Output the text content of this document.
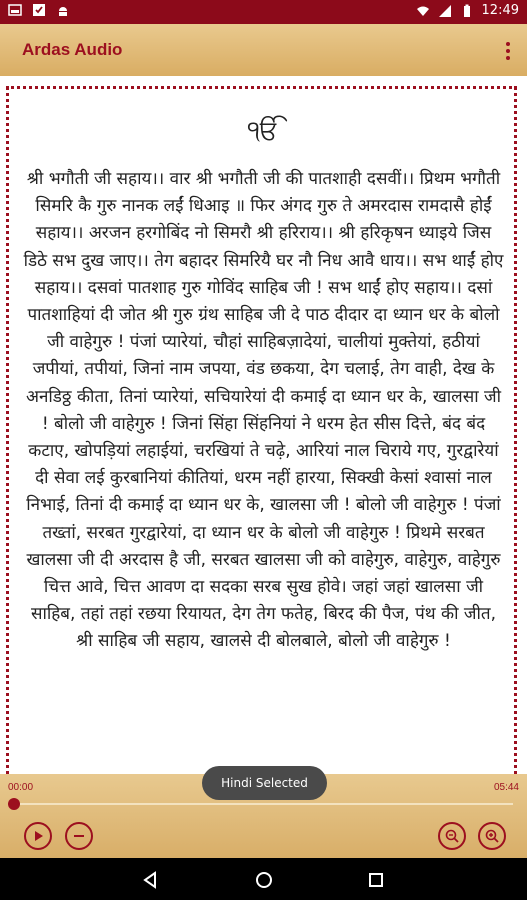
12:49
Ardas Audio
ੴ

श्री भगौती जी सहाय।। वार श्री भगौती जी की पातशाही दसवीं।। प्रिथम भगौती सिमरि कै गुरु नानक लईं धिआइ ॥ फिर अंगद गुरु ते अमरदास रामदासै होईं सहाय।। अरजन हरगोबिंद नो सिमरौ श्री हरिराय।। श्री हरिकृषन ध्याइये जिस डिठे सभ दुख जाए।। तेग बहादर सिमरियै घर नौ निध आवै धाय।। सभ थाईं होए सहाय।। दसवां पातशाह गुरु गोविंद साहिब जी ! सभ थाईं होए सहाय।। दसां पातशाहियां दी जोत श्री गुरु ग्रंथ साहिब जी दे पाठ दीदार दा ध्यान धर के बोलो जी वाहेगुरु ! पंजां प्यारेयां, चौहां साहिबज़ादेयां, चालीयां मुक्तेयां, हठीयां जपीयां, तपीयां, जिनां नाम जपया, वंड छकया, देग चलाई, तेग वाही, देख के अनडिठ्ठ कीता, तिनां प्यारेयां, सचियारेयां दी कमाई दा ध्यान धर के, खालसा जी ! बोलो जी वाहेगुरु ! जिनां सिंहा सिंहनियां ने धरम हेत सीस दित्ते, बंद बंद कटाए, खोपड़ियां लहाईयां, चरखियां ते चढ़े, आरियां नाल चिराये गए, गुरद्वारेयां दी सेवा लई कुरबानियां कीतियां, धरम नहीं हारया, सिक्खी केसां श्वासां नाल निभाई, तिनां दी कमाई दा ध्यान धर के, खालसा जी ! बोलो जी वाहेगुरु ! पंजां तख्तां, सरबत गुरद्वारेयां, दा ध्यान धर के बोलो जी वाहेगुरु ! प्रिथमे सरबत खालसा जी दी अरदास है जी, सरबत खालसा जी को वाहेगुरु, वाहेगुरु, वाहेगुरु चित्त आवे, चित्त आवण दा सदका सरब सुख होवे। जहां जहां खालसा जी साहिब, तहां तहां रछया रियायत, देग तेग फतेह, बिरद की पैज, पंथ की जीत, श्री साहिब जी सहाय, खालसे दी बोलबाले, बोलो जी वाहेगुरु !

00:00	05:44
Hindi Selected
